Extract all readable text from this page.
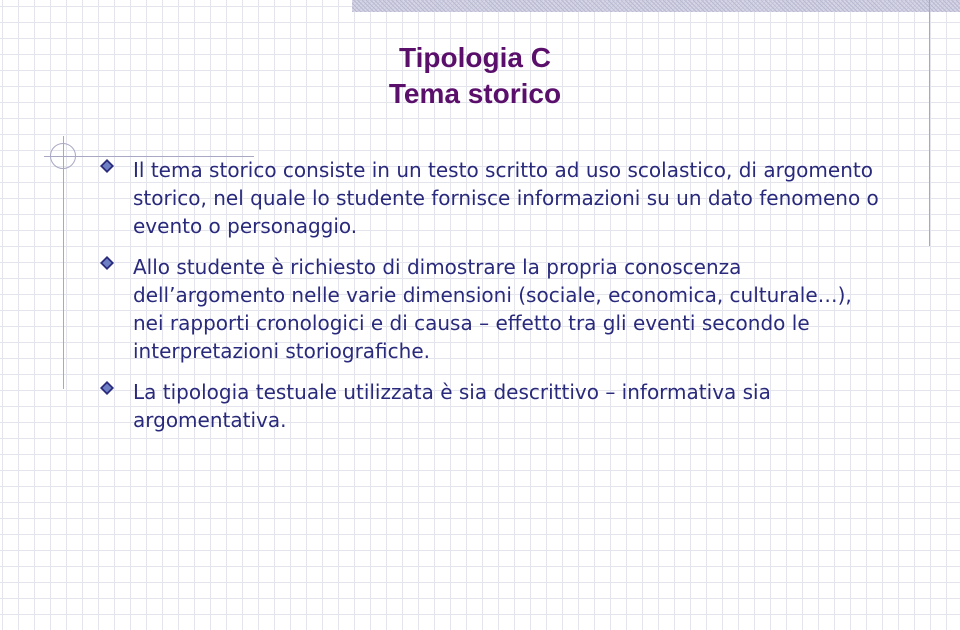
Tipologia C
Tema storico
Il tema storico consiste in un testo scritto ad uso scolastico, di argomento storico, nel quale lo studente fornisce informazioni su un dato fenomeno o evento o personaggio.
Allo studente è richiesto di dimostrare la propria conoscenza dell’argomento nelle varie dimensioni (sociale, economica, culturale…), nei rapporti cronologici e di causa – effetto tra gli eventi secondo le interpretazioni storiografiche.
La tipologia testuale utilizzata è sia descrittivo – informativa sia argomentativa.
